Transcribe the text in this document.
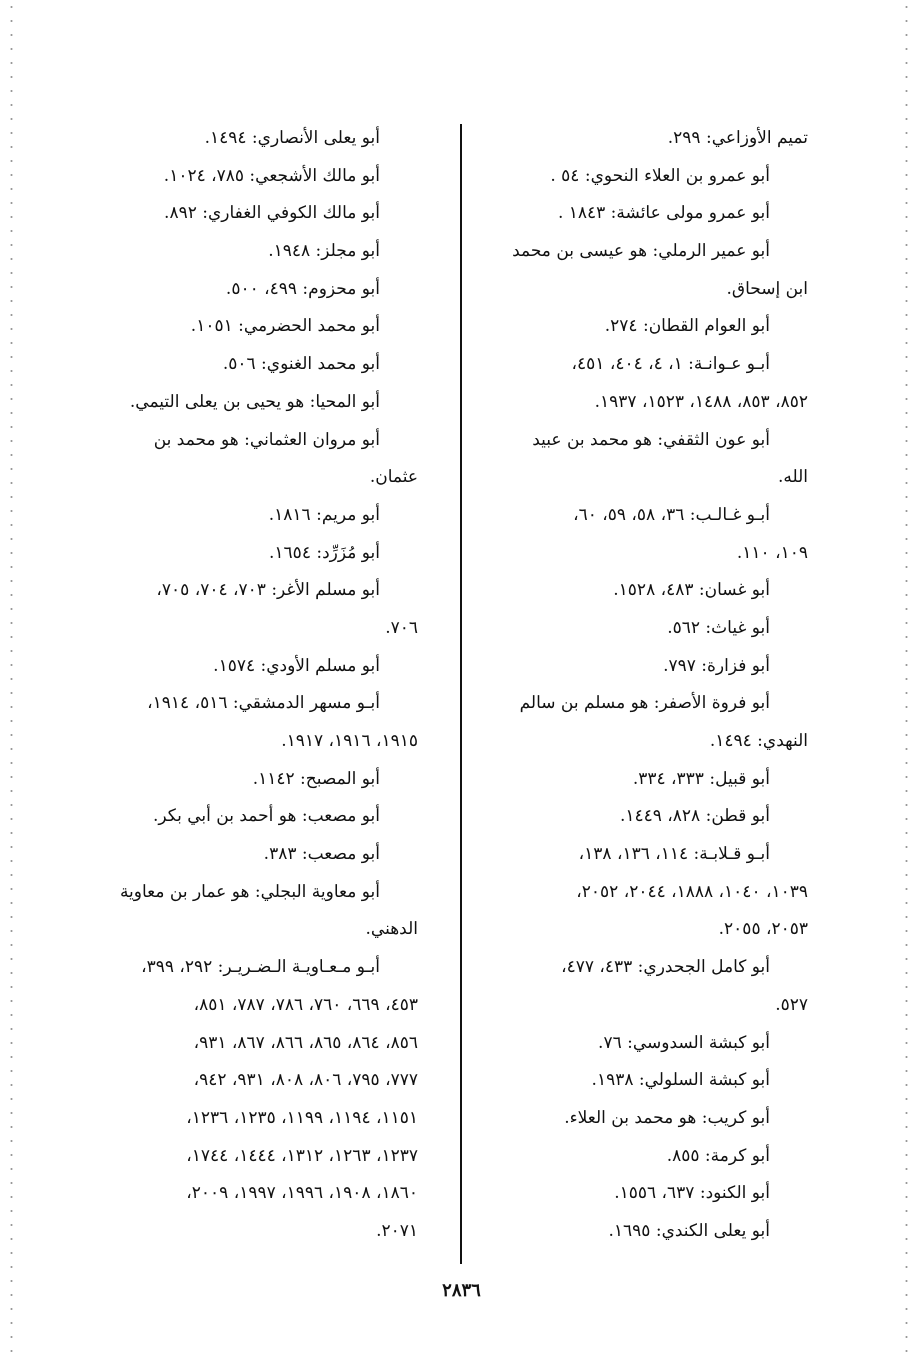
تميم الأوزاعي: ٢٩٩.
أبو عمرو بن العلاء النحوي: ٥٤ .
أبو عمرو مولى عائشة: ١٨٤٣ .
أبو عمير الرملي: هو عيسى بن محمد
ابن إسحاق.
أبو العوام القطان: ٢٧٤.
أبـو عـوانـة: ١، ٤، ٤٠٤، ٤٥١،
٨٥٢، ٨٥٣، ١٤٨٨، ١٥٢٣، ١٩٣٧.
أبو عون الثقفي: هو محمد بن عبيد
الله.
أبـو غـالـب: ٣٦، ٥٨، ٥٩، ٦٠،
١٠٩، ١١٠.
أبو غسان: ٤٨٣، ١٥٢٨.
أبو غياث: ٥٦٢.
أبو فزارة: ٧٩٧.
أبو فروة الأصفر: هو مسلم بن سالم
النهدي: ١٤٩٤.
أبو قبيل: ٣٣٣، ٣٣٤.
أبو قطن: ٨٢٨، ١٤٤٩.
أبـو قـلابـة: ١١٤، ١٣٦، ١٣٨،
١٠٣٩، ١٠٤٠، ١٨٨٨، ٢٠٤٤، ٢٠٥٢،
٢٠٥٣، ٢٠٥٥.
أبو كامل الجحدري: ٤٣٣، ٤٧٧،
٥٢٧.
أبو كبشة السدوسي: ٧٦.
أبو كبشة السلولي: ١٩٣٨.
أبو كريب: هو محمد بن العلاء.
أبو كرمة: ٨٥٥.
أبو الكنود: ٦٣٧، ١٥٥٦.
أبو يعلى الكندي: ١٦٩٥.
أبو يعلى الأنصاري: ١٤٩٤.
أبو مالك الأشجعي: ٧٨٥، ١٠٢٤.
أبو مالك الكوفي الغفاري: ٨٩٢.
أبو مجلز: ١٩٤٨.
أبو محزوم: ٤٩٩، ٥٠٠.
أبو محمد الحضرمي: ١٠٥١.
أبو محمد الغنوي: ٥٠٦.
أبو المحيا: هو يحيى بن يعلى التيمي.
أبو مروان العثماني: هو محمد بن
عثمان.
أبو مريم: ١٨١٦.
أبو مُزَرِّد: ١٦٥٤.
أبو مسلم الأغر: ٧٠٣، ٧٠٤، ٧٠٥،
٧٠٦.
أبو مسلم الأودي: ١٥٧٤.
أبـو مسهر الدمشقي: ٥١٦، ١٩١٤،
١٩١٥، ١٩١٦، ١٩١٧.
أبو المصبح: ١١٤٢.
أبو مصعب: هو أحمد بن أبي بكر.
أبو مصعب: ٣٨٣.
أبو معاوية البجلي: هو عمار بن معاوية
الدهني.
أبـو مـعـاويـة الـضـريـر: ٢٩٢، ٣٩٩،
٤٥٣، ٦٦٩، ٧٦٠، ٧٨٦، ٧٨٧، ٨٥١،
٨٥٦، ٨٦٤، ٨٦٥، ٨٦٦، ٨٦٧، ٩٣١،
٧٧٧، ٧٩٥، ٨٠٦، ٨٠٨، ٩٣١، ٩٤٢،
١١٥١، ١١٩٤، ١١٩٩، ١٢٣٥، ١٢٣٦،
١٢٣٧، ١٢٦٣، ١٣١٢، ١٤٤٤، ١٧٤٤،
١٨٦٠، ١٩٠٨، ١٩٩٦، ١٩٩٧، ٢٠٠٩،
٢٠٧١.
٢٨٣٦
